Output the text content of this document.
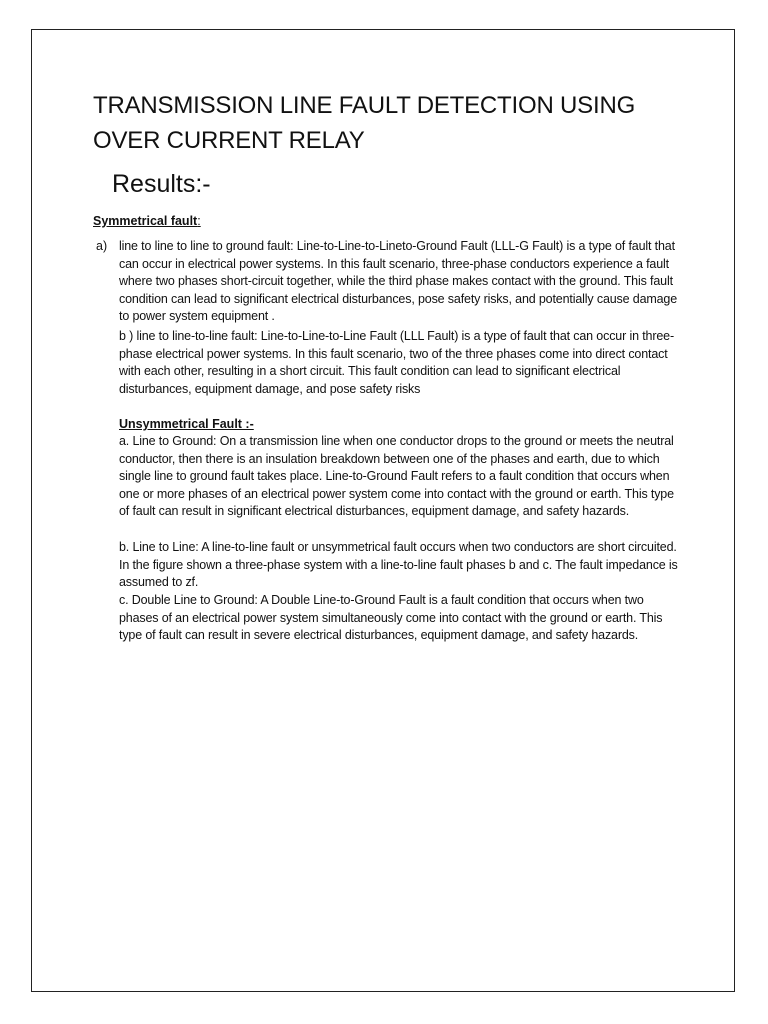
TRANSMISSION LINE FAULT DETECTION USING OVER CURRENT RELAY
Results:-

Symmetrical fault:

a) line to line to line to ground fault: Line-to-Line-to-Lineto-Ground Fault (LLL-G Fault) is a type of fault that can occur in electrical power systems. In this fault scenario, three-phase conductors experience a fault where two phases short-circuit together, while the third phase makes contact with the ground. This fault condition can lead to significant electrical disturbances, pose safety risks, and potentially cause damage to power system equipment .

b ) line to line-to-line fault: Line-to-Line-to-Line Fault (LLL Fault) is a type of fault that can occur in three-phase electrical power systems. In this fault scenario, two of the three phases come into direct contact with each other, resulting in a short circuit. This fault condition can lead to significant electrical disturbances, equipment damage, and pose safety risks

Unsymmetrical Fault :-

a. Line to Ground: On a transmission line when one conductor drops to the ground or meets the neutral conductor, then there is an insulation breakdown between one of the phases and earth, due to which single line to ground fault takes place. Line-to-Ground Fault refers to a fault condition that occurs when one or more phases of an electrical power system come into contact with the ground or earth. This type of fault can result in significant electrical disturbances, equipment damage, and safety hazards.

b. Line to Line: A line-to-line fault or unsymmetrical fault occurs when two conductors are short circuited. In the figure shown a three-phase system with a line-to-line fault phases b and c. The fault impedance is assumed to zf.

c. Double Line to Ground: A Double Line-to-Ground Fault is a fault condition that occurs when two phases of an electrical power system simultaneously come into contact with the ground or earth. This type of fault can result in severe electrical disturbances, equipment damage, and safety hazards.
